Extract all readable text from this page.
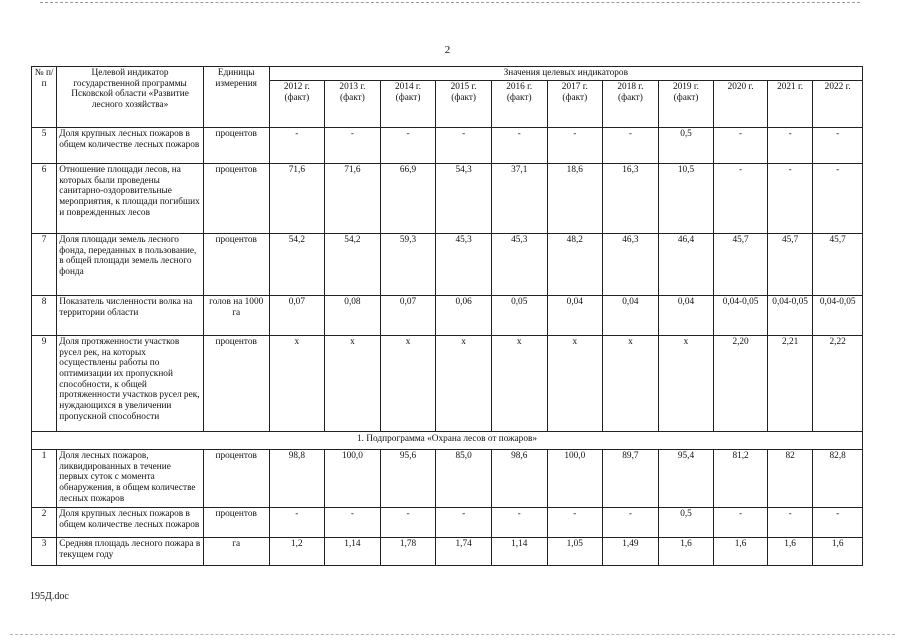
2
№ п/п	Целевой индикатор государственной программы Псковской области «Развитие лесного хозяйства»	Единицы измерения	Значения целевых индикаторов										
			2012 г. (факт)	2013 г. (факт)	2014 г. (факт)	2015 г. (факт)	2016 г. (факт)	2017 г. (факт)	2018 г. (факт)	2019 г. (факт)	2020 г.	2021 г.	2022 г.
5	Доля крупных лесных пожаров в общем количестве лесных пожаров	процентов	-	-	-	-	-	-	-	0,5	-	-	-
6	Отношение площади лесов, на которых были проведены санитарно-оздоровительные мероприятия, к площади погибших и поврежденных лесов	процентов	71,6	71,6	66,9	54,3	37,1	18,6	16,3	10,5	-	-	-
7	Доля площади земель лесного фонда, переданных в пользование, в общей площади земель лесного фонда	процентов	54,2	54,2	59,3	45,3	45,3	48,2	46,3	46,4	45,7	45,7	45,7
8	Показатель численности волка на территории области	голов на 1000 га	0,07	0,08	0,07	0,06	0,05	0,04	0,04	0,04	0,04-0,05	0,04-0,05	0,04-0,05
9	Доля протяженности участков русел рек, на которых осуществлены работы по оптимизации их пропускной способности, к общей протяженности участков русел рек, нуждающихся в увеличении пропускной способности	процентов	x	x	x	x	x	x	x	x	2,20	2,21	2,22
1. Подпрограмма «Охрана лесов от пожаров»													
1	Доля лесных пожаров, ликвидированных в течение первых суток с момента обнаружения, в общем количестве лесных пожаров	процентов	98,8	100,0	95,6	85,0	98,6	100,0	89,7	95,4	81,2	82	82,8
2	Доля крупных лесных пожаров в общем количестве лесных пожаров	процентов	-	-	-	-	-	-	-	0,5	-	-	-
3	Средняя площадь лесного пожара в текущем году	га	1,2	1,14	1,78	1,74	1,14	1,05	1,49	1,6	1,6	1,6	1,6
195Д.doc
